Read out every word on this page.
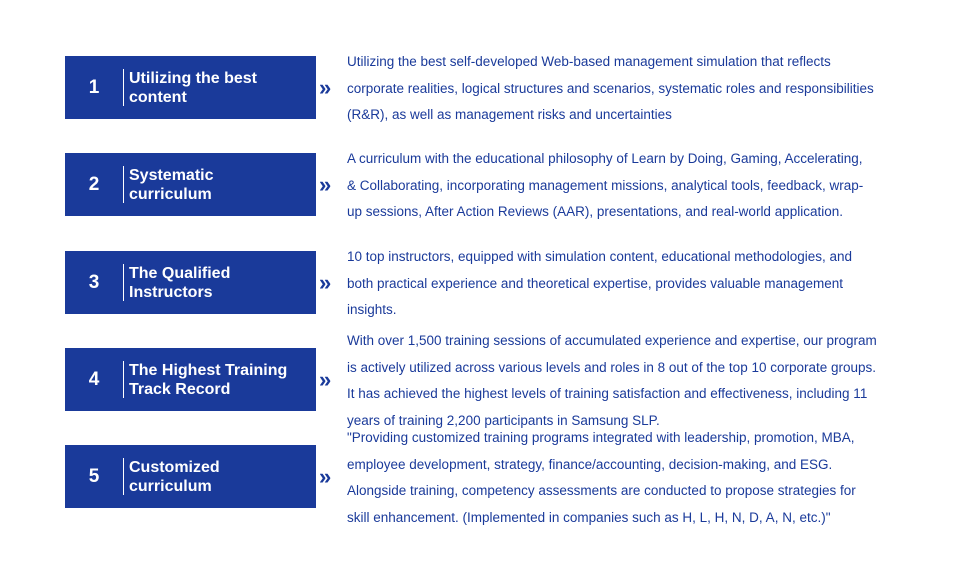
1	Utilizing the best
content	»
Utilizing the best self-developed Web-based management simulation that reflects
corporate realities, logical structures and scenarios, systematic roles and responsibilities
(R&R), as well as management risks and uncertainties
2	Systematic
curriculum	»
A curriculum with the educational philosophy of Learn by Doing, Gaming, Accelerating,
& Collaborating, incorporating management missions, analytical tools, feedback, wrap-
up sessions, After Action Reviews (AAR), presentations, and real-world application.
3	The Qualified
Instructors	»
10 top instructors, equipped with simulation content, educational methodologies, and
both practical experience and theoretical expertise, provides valuable management
insights.
4	The Highest Training
Track Record	»
With over 1,500 training sessions of accumulated experience and expertise, our program
is actively utilized across various levels and roles in 8 out of the top 10 corporate groups.
It has achieved the highest levels of training satisfaction and effectiveness, including 11
years of training 2,200 participants in Samsung SLP.
5	Customized
curriculum	»
"Providing customized training programs integrated with leadership, promotion, MBA,
employee development, strategy, finance/accounting, decision-making, and ESG.
Alongside training, competency assessments are conducted to propose strategies for
skill enhancement. (Implemented in companies such as H, L, H, N, D, A, N, etc.)"
